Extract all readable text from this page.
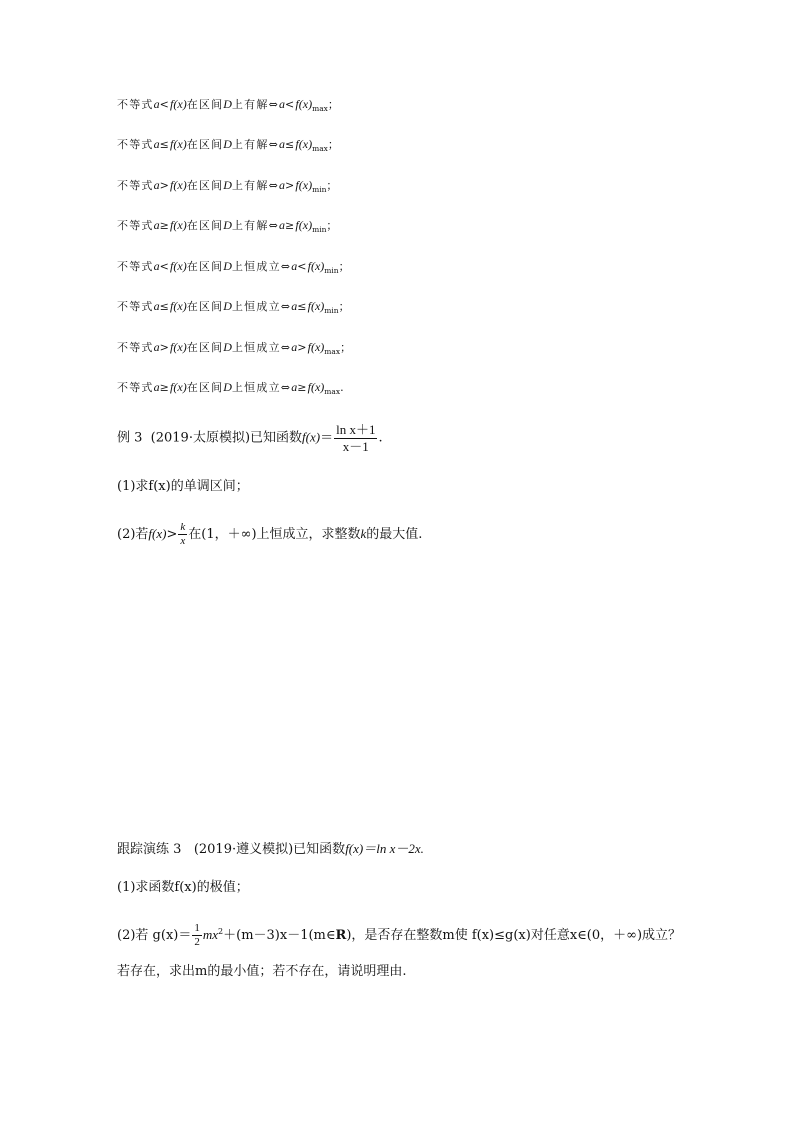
不等式a<f(x)在区间D上有解$\Leftrightarrow a<f(x)_{max}$；
不等式a≤f(x)在区间D上有解$\Leftrightarrow a\le f(x)_{max}$；
不等式a>f(x)在区间D上有解$\Leftrightarrow a>f(x)_{min}$；
不等式a≥f(x)在区间D上有解$\Leftrightarrow a\ge f(x)_{min}$；
不等式a<f(x)在区间D上恒成立$\Leftrightarrow a<f(x)_{min}$；
不等式a≤f(x)在区间D上恒成立$\Leftrightarrow a\le f(x)_{min}$；
不等式a>f(x)在区间D上恒成立$\Leftrightarrow a>f(x)_{max}$；
不等式a≥f(x)在区间D上恒成立$\Leftrightarrow a\ge f(x)_{max}$.
例 3 (2019·太原模拟)已知函数$f(x)= \frac{\text{ln x＋1}}{x-1}$ .
(1)求f(x)的单调区间；
(2)若$f(x)> \frac{k}{x}$ 在(1，＋∞)上恒成立，求整数k的最大值.
跟踪演练 3 (2019·遵义模拟)已知函数f(x)＝ln x－2x.
(1)求函数f(x)的极值；
(2)若 $g(x)= \frac{1}{2}$ $mx^2+(m-3)x-1(m\in R)$，是否存在整数m使 f(x)≤g(x)对任意x∈(0，＋∞)成立？
若存在，求出m的最小值；若不存在，请说明理由.
